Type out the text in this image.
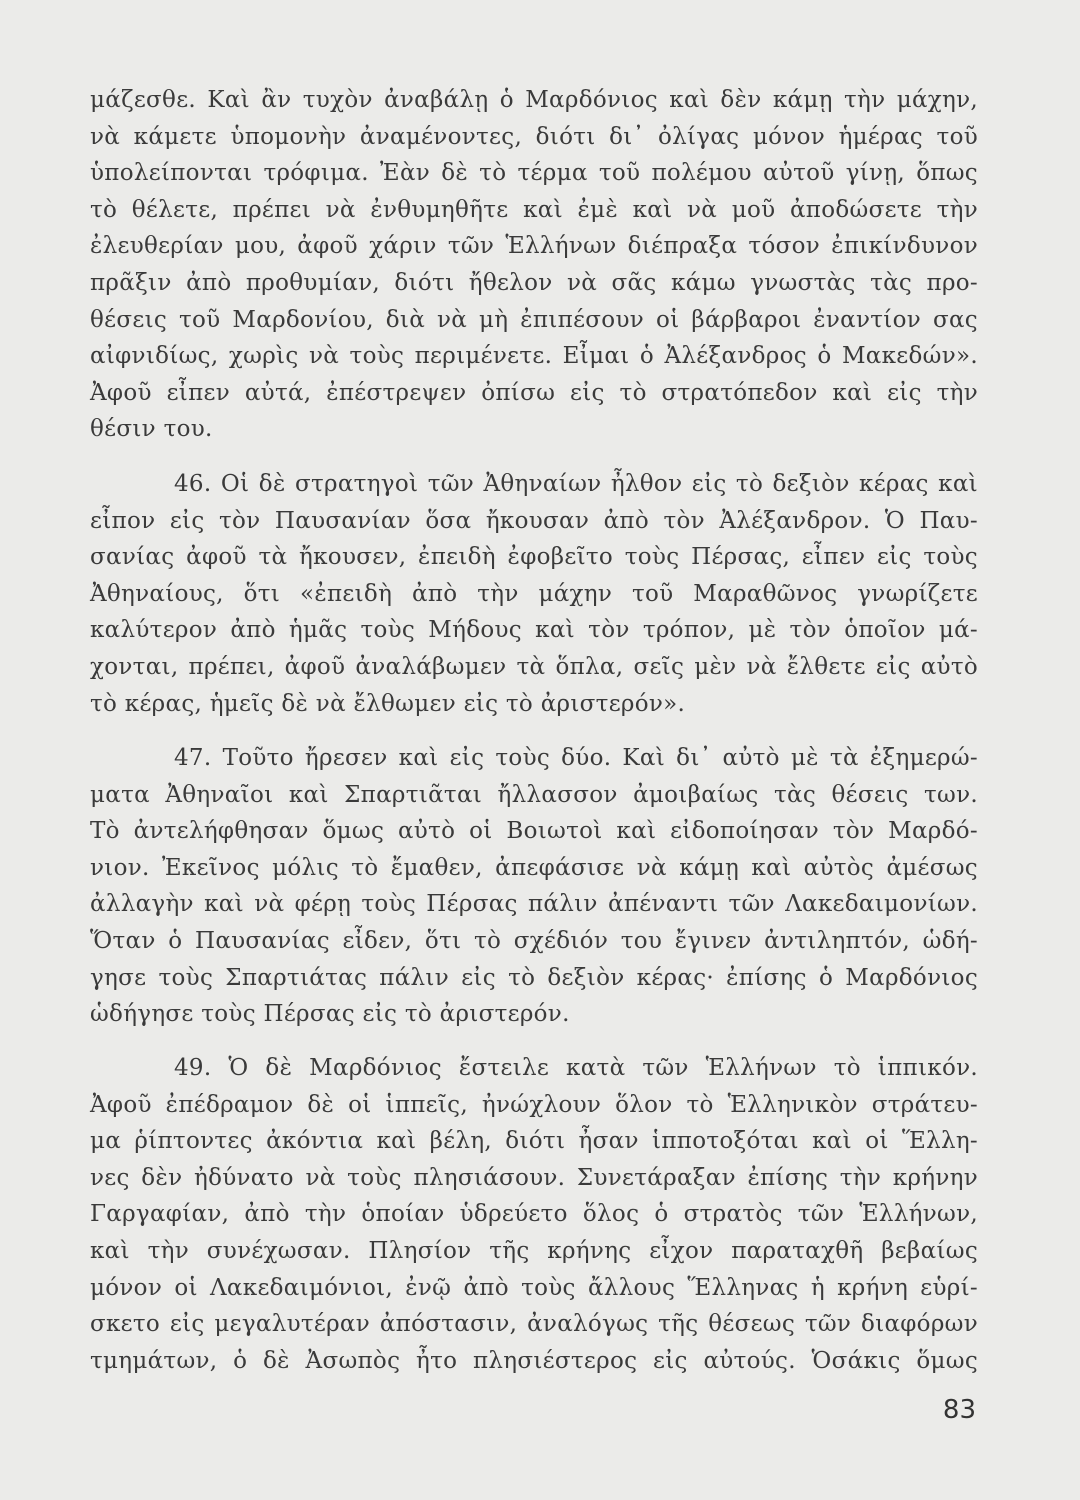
μάζεσθε. Καὶ ἂν τυχὸν ἀναβάλῃ ὁ Μαρδόνιος καὶ δὲν κάμῃ τὴν μάχην,
νὰ κάμετε ὑπομονὴν ἀναμένοντες, διότι δι᾽ ὀλίγας μόνον ἡμέρας τοῦ
ὑπολείπονται τρόφιμα. Ἐὰν δὲ τὸ τέρμα τοῦ πολέμου αὐτοῦ γίνῃ, ὅπως
τὸ θέλετε, πρέπει νὰ ἐνθυμηθῆτε καὶ ἐμὲ καὶ νὰ μοῦ ἀποδώσετε τὴν
ἐλευθερίαν μου, ἀφοῦ χάριν τῶν Ἑλλήνων διέπραξα τόσον ἐπικίνδυνον
πρᾶξιν ἀπὸ προθυμίαν, διότι ἤθελον νὰ σᾶς κάμω γνωστὰς τὰς προ-
θέσεις τοῦ Μαρδονίου, διὰ νὰ μὴ ἐπιπέσουν οἱ βάρβαροι ἐναντίον σας
αἰφνιδίως, χωρὶς νὰ τοὺς περιμένετε. Εἶμαι ὁ Ἀλέξανδρος ὁ Μακεδών».
Ἀφοῦ εἶπεν αὐτά, ἐπέστρεψεν ὀπίσω εἰς τὸ στρατόπεδον καὶ εἰς τὴν
θέσιν του.
46. Οἱ δὲ στρατηγοὶ τῶν Ἀθηναίων ἦλθον εἰς τὸ δεξιὸν κέρας καὶ
εἶπον εἰς τὸν Παυσανίαν ὅσα ἤκουσαν ἀπὸ τὸν Ἀλέξανδρον. Ὁ Παυ-
σανίας ἀφοῦ τὰ ἤκουσεν, ἐπειδὴ ἐφοβεῖτο τοὺς Πέρσας, εἶπεν εἰς τοὺς
Ἀθηναίους, ὅτι «ἐπειδὴ ἀπὸ τὴν μάχην τοῦ Μαραθῶνος γνωρίζετε
καλύτερον ἀπὸ ἡμᾶς τοὺς Μήδους καὶ τὸν τρόπον, μὲ τὸν ὁποῖον μά-
χονται, πρέπει, ἀφοῦ ἀναλάβωμεν τὰ ὅπλα, σεῖς μὲν νὰ ἔλθετε εἰς αὐτὸ
τὸ κέρας, ἡμεῖς δὲ νὰ ἔλθωμεν εἰς τὸ ἀριστερόν».
47. Τοῦτο ἤρεσεν καὶ εἰς τοὺς δύο. Καὶ δι᾽ αὐτὸ μὲ τὰ ἐξημερώ-
ματα Ἀθηναῖοι καὶ Σπαρτιᾶται ἤλλασσον ἀμοιβαίως τὰς θέσεις των.
Τὸ ἀντελήφθησαν ὅμως αὐτὸ οἱ Βοιωτοὶ καὶ εἰδοποίησαν τὸν Μαρδό-
νιον. Ἐκεῖνος μόλις τὸ ἔμαθεν, ἀπεφάσισε νὰ κάμῃ καὶ αὐτὸς ἀμέσως
ἀλλαγὴν καὶ νὰ φέρῃ τοὺς Πέρσας πάλιν ἀπέναντι τῶν Λακεδαιμονίων.
Ὅταν ὁ Παυσανίας εἶδεν, ὅτι τὸ σχέδιόν του ἔγινεν ἀντιληπτόν, ὡδή-
γησε τοὺς Σπαρτιάτας πάλιν εἰς τὸ δεξιὸν κέρας· ἐπίσης ὁ Μαρδόνιος
ὡδήγησε τοὺς Πέρσας εἰς τὸ ἀριστερόν.
49. Ὁ δὲ Μαρδόνιος ἔστειλε κατὰ τῶν Ἑλλήνων τὸ ἱππικόν.
Ἀφοῦ ἐπέδραμον δὲ οἱ ἱππεῖς, ἠνώχλουν ὅλον τὸ Ἑλληνικὸν στράτευ-
μα ῥίπτοντες ἀκόντια καὶ βέλη, διότι ἦσαν ἱπποτοξόται καὶ οἱ Ἕλλη-
νες δὲν ἠδύνατο νὰ τοὺς πλησιάσουν. Συνετάραξαν ἐπίσης τὴν κρήνην
Γαργαφίαν, ἀπὸ τὴν ὁποίαν ὑδρεύετο ὅλος ὁ στρατὸς τῶν Ἑλλήνων,
καὶ τὴν συνέχωσαν. Πλησίον τῆς κρήνης εἶχον παραταχθῆ βεβαίως
μόνον οἱ Λακεδαιμόνιοι, ἐνῷ ἀπὸ τοὺς ἄλλους Ἕλληνας ἡ κρήνη εὑρί-
σκετο εἰς μεγαλυτέραν ἀπόστασιν, ἀναλόγως τῆς θέσεως τῶν διαφόρων
τμημάτων, ὁ δὲ Ἀσωπὸς ἦτο πλησιέστερος εἰς αὐτούς. Ὁσάκις ὅμως
83
